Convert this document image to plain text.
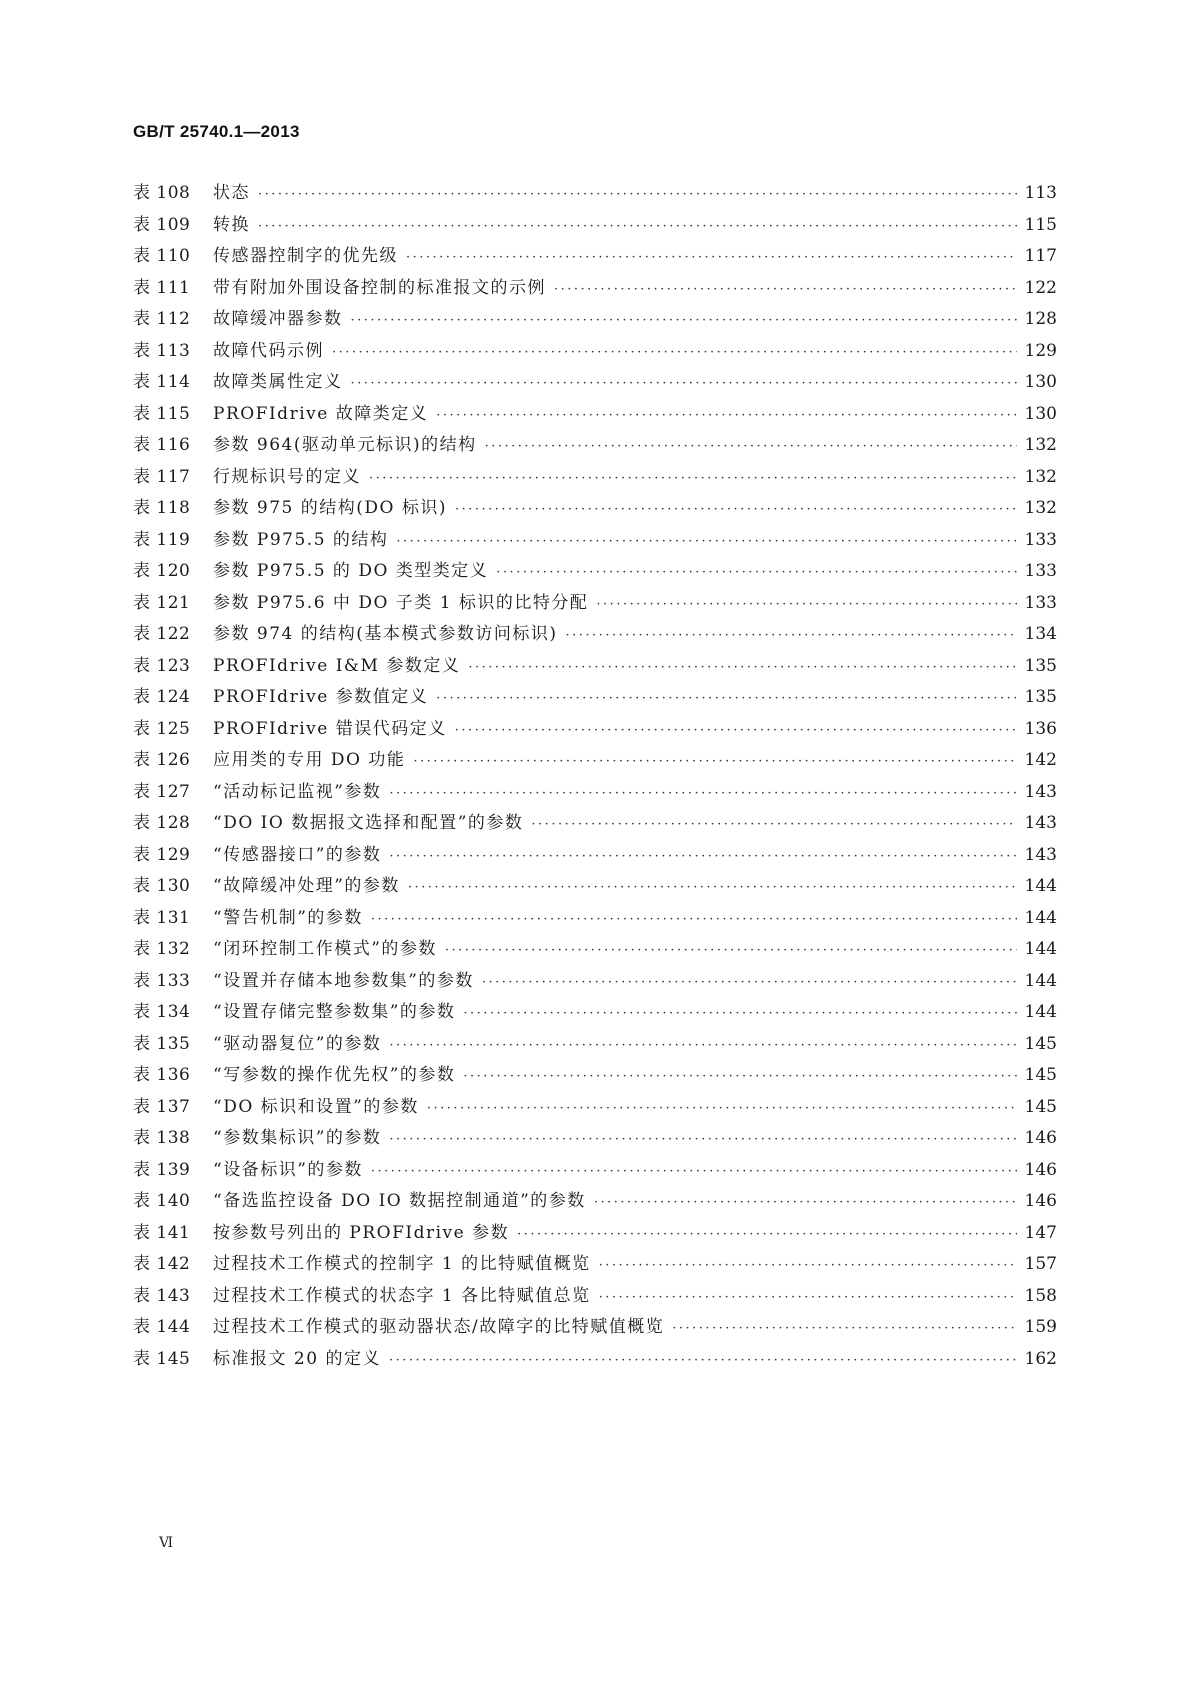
GB/T 25740.1—2013
表 108	状态 ·····	113
表 109	转换 ·····	115
表 110	传感器控制字的优先级 ·····	117
表 111	带有附加外围设备控制的标准报文的示例 ·····	122
表 112	故障缓冲器参数 ·····	128
表 113	故障代码示例 ·····	129
表 114	故障类属性定义 ·····	130
表 115	PROFIdrive 故障类定义 ·····	130
表 116	参数 964(驱动单元标识)的结构 ·····	132
表 117	行规标识号的定义 ·····	132
表 118	参数 975 的结构(DO 标识) ·····	132
表 119	参数 P975.5 的结构 ·····	133
表 120	参数 P975.5 的 DO 类型类定义 ·····	133
表 121	参数 P975.6 中 DO 子类 1 标识的比特分配 ·····	133
表 122	参数 974 的结构(基本模式参数访问标识) ·····	134
表 123	PROFIdrive I&M 参数定义 ·····	135
表 124	PROFIdrive 参数值定义 ·····	135
表 125	PROFIdrive 错误代码定义 ·····	136
表 126	应用类的专用 DO 功能 ·····	142
表 127	“活动标记监视”参数 ·····	143
表 128	“DO IO 数据报文选择和配置”的参数 ·····	143
表 129	“传感器接口”的参数 ·····	143
表 130	“故障缓冲处理”的参数 ·····	144
表 131	“警告机制”的参数 ·····	144
表 132	“闭环控制工作模式”的参数 ·····	144
表 133	“设置并存储本地参数集”的参数 ·····	144
表 134	“设置存储完整参数集”的参数 ·····	144
表 135	“驱动器复位”的参数 ·····	145
表 136	“写参数的操作优先权”的参数 ·····	145
表 137	“DO 标识和设置”的参数 ·····	145
表 138	“参数集标识”的参数 ·····	146
表 139	“设备标识”的参数 ·····	146
表 140	“备选监控设备 DO IO 数据控制通道”的参数 ·····	146
表 141	按参数号列出的 PROFIdrive 参数 ·····	147
表 142	过程技术工作模式的控制字 1 的比特赋值概览 ·····	157
表 143	过程技术工作模式的状态字 1 各比特赋值总览 ·····	158
表 144	过程技术工作模式的驱动器状态/故障字的比特赋值概览 ·····	159
表 145	标准报文 20 的定义 ·····	162
Ⅵ
